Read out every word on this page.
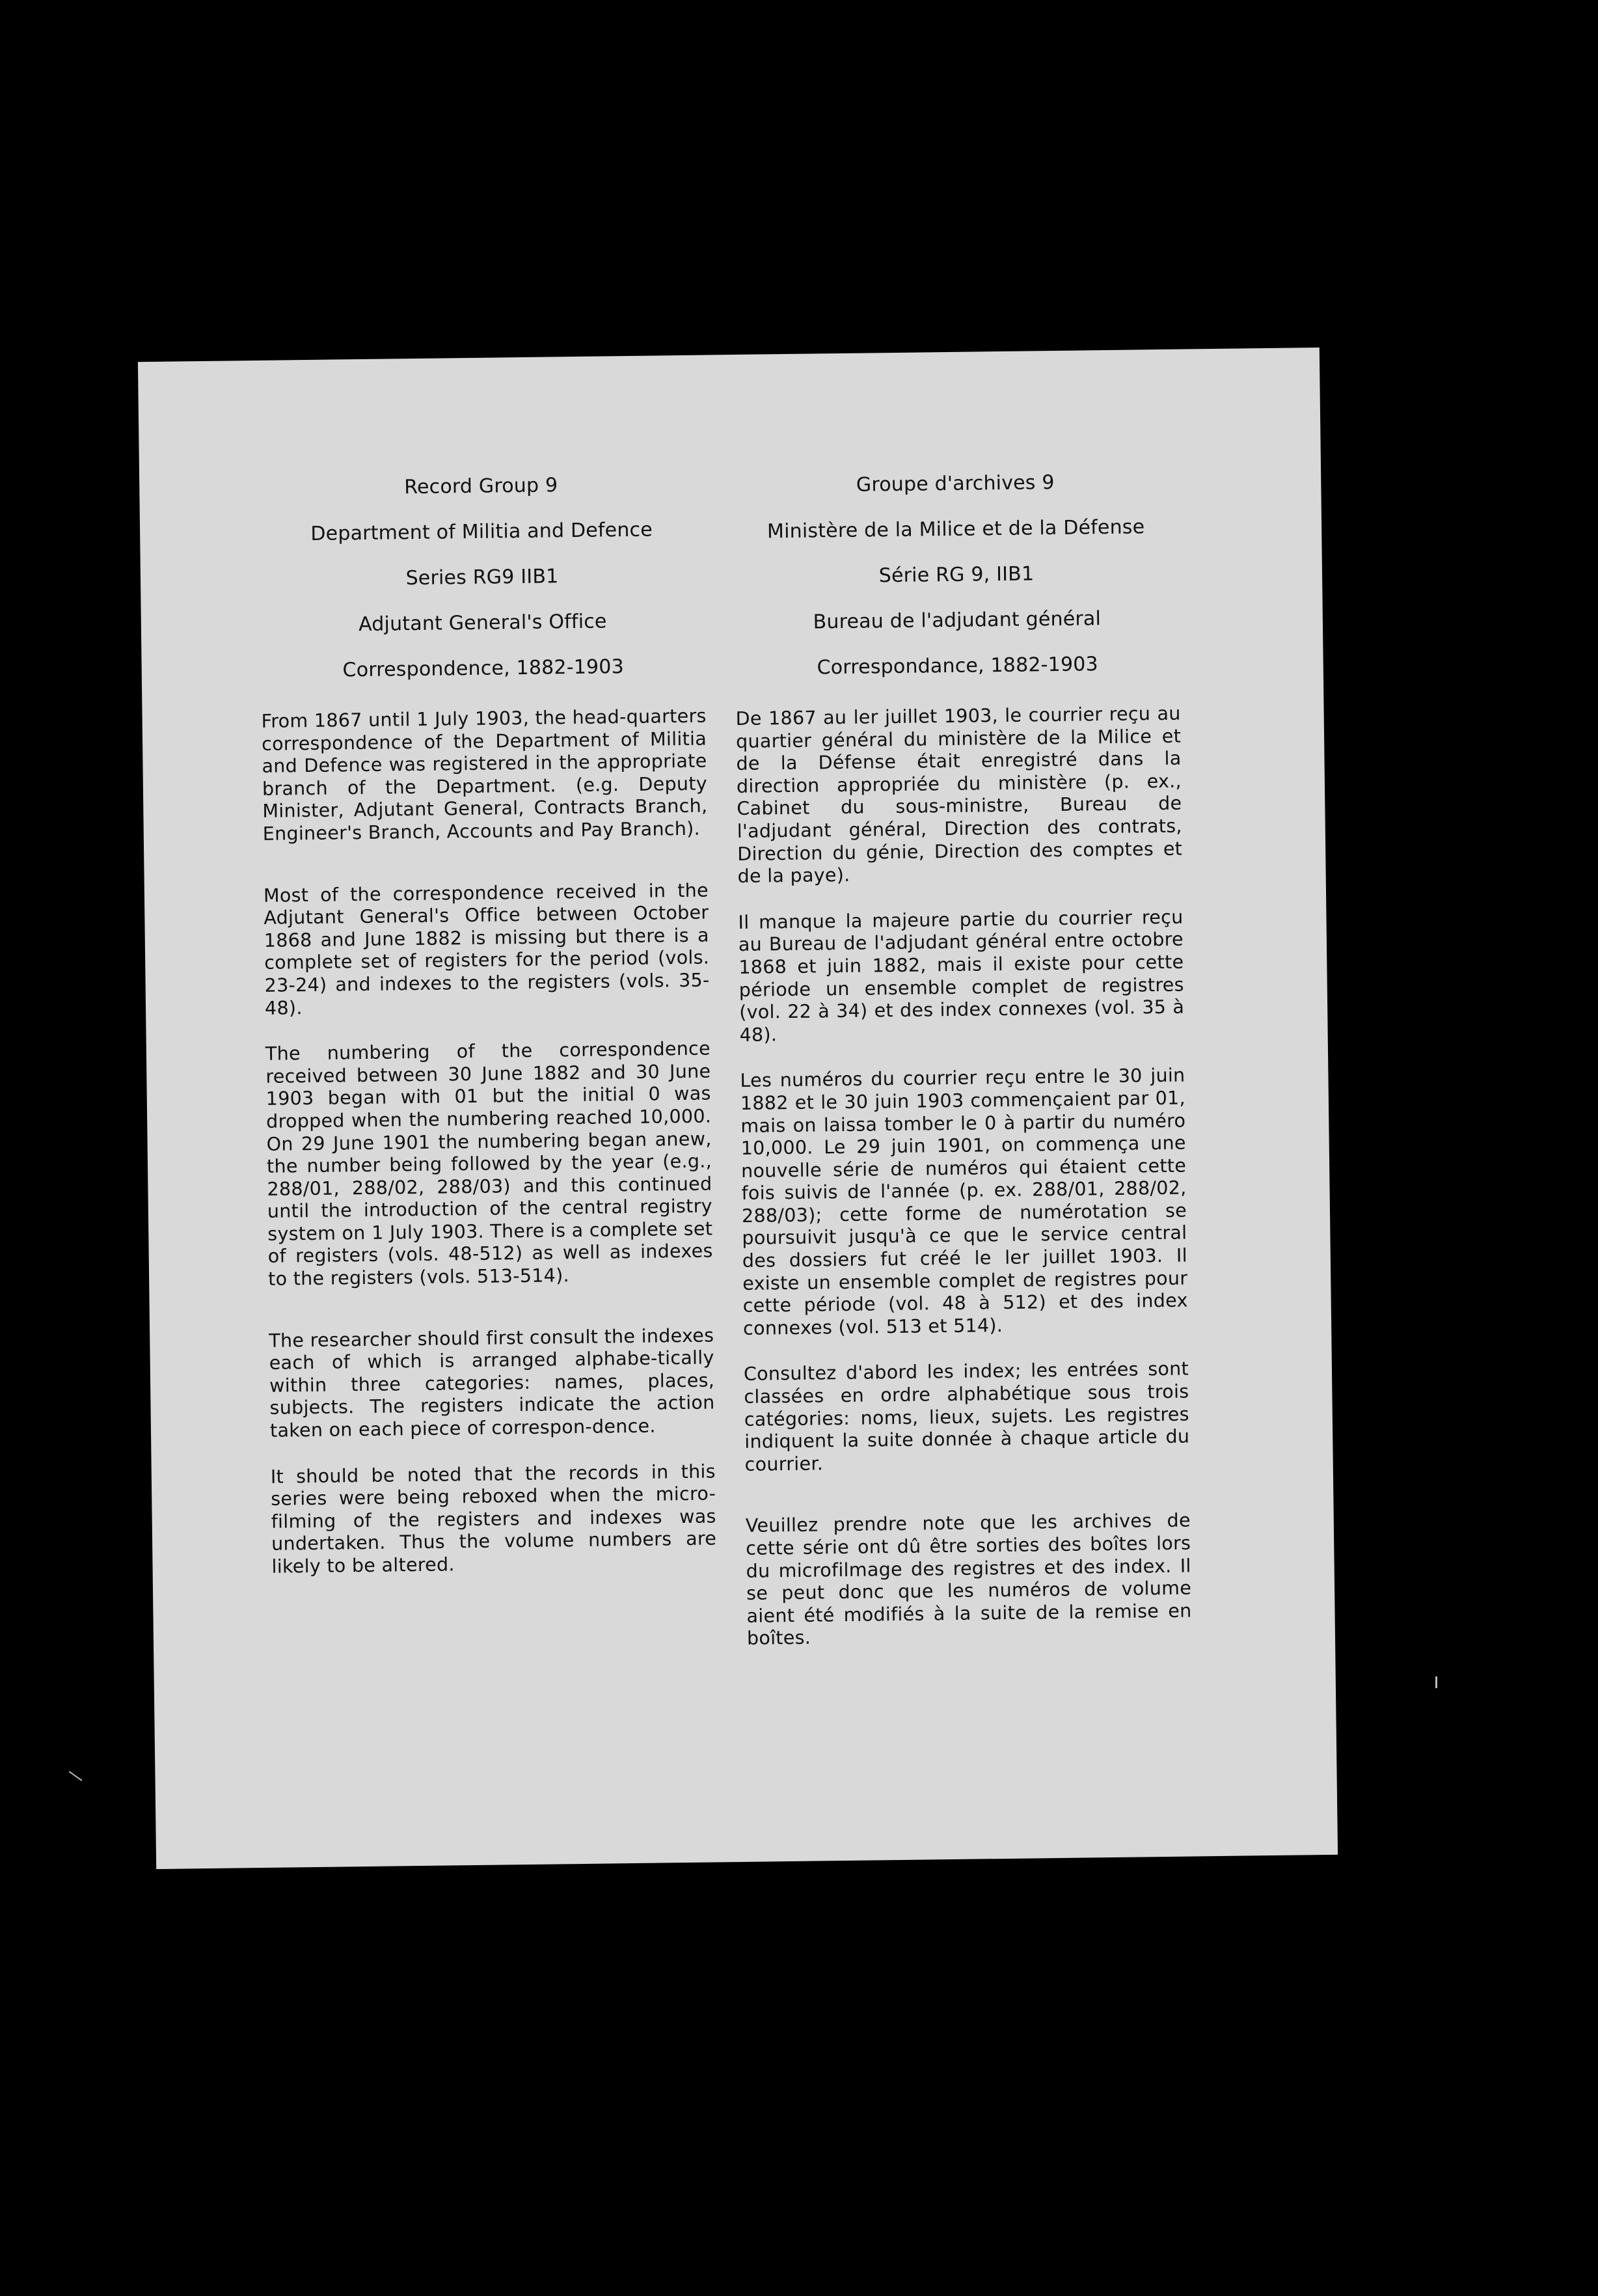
Record Group 9
Department of Militia and Defence
Series RG9 IIB1
Adjutant General's Office
Correspondence, 1882-1903

From 1867 until 1 July 1903, the head-quarters correspondence of the Department of Militia and Defence was registered in the appropriate branch of the Department. (e.g. Deputy Minister, Adjutant General, Contracts Branch, Engineer's Branch, Accounts and Pay Branch).

Most of the correspondence received in the Adjutant General's Office between October 1868 and June 1882 is missing but there is a complete set of registers for the period (vols. 23-24) and indexes to the registers (vols. 35-48).

The numbering of the correspondence received between 30 June 1882 and 30 June 1903 began with 01 but the initial 0 was dropped when the numbering reached 10,000. On 29 June 1901 the numbering began anew, the number being followed by the year (e.g., 288/01, 288/02, 288/03) and this continued until the introduction of the central registry system on 1 July 1903. There is a complete set of registers (vols. 48-512) as well as indexes to the registers (vols. 513-514).

The researcher should first consult the indexes each of which is arranged alphabe-tically within three categories: names, places, subjects. The registers indicate the action taken on each piece of correspon-dence.

It should be noted that the records in this series were being reboxed when the micro-filming of the registers and indexes was undertaken. Thus the volume numbers are likely to be altered.

Groupe d'archives 9
Ministère de la Milice et de la Défense
Série RG 9, IIB1
Bureau de l'adjudant général
Correspondance, 1882-1903

De 1867 au ler juillet 1903, le courrier reçu au quartier général du ministère de la Milice et de la Défense était enregistré dans la direction appropriée du ministère (p. ex., Cabinet du sous-ministre, Bureau de l'adjudant général, Direction des contrats, Direction du génie, Direction des comptes et de la paye).

Il manque la majeure partie du courrier reçu au Bureau de l'adjudant général entre octobre 1868 et juin 1882, mais il existe pour cette période un ensemble complet de registres (vol. 22 à 34) et des index connexes (vol. 35 à 48).

Les numéros du courrier reçu entre le 30 juin 1882 et le 30 juin 1903 commençaient par 01, mais on laissa tomber le 0 à partir du numéro 10,000. Le 29 juin 1901, on commença une nouvelle série de numéros qui étaient cette fois suivis de l'année (p. ex. 288/01, 288/02, 288/03); cette forme de numérotation se poursuivit jusqu'à ce que le service central des dossiers fut créé le ler juillet 1903. Il existe un ensemble complet de registres pour cette période (vol. 48 à 512) et des index connexes (vol. 513 et 514).

Consultez d'abord les index; les entrées sont classées en ordre alphabétique sous trois catégories: noms, lieux, sujets. Les registres indiquent la suite donnée à chaque article du courrier.

Veuillez prendre note que les archives de cette série ont dû être sorties des boîtes lors du microfilmage des registres et des index. Il se peut donc que les numéros de volume aient été modifiés à la suite de la remise en boîtes.
